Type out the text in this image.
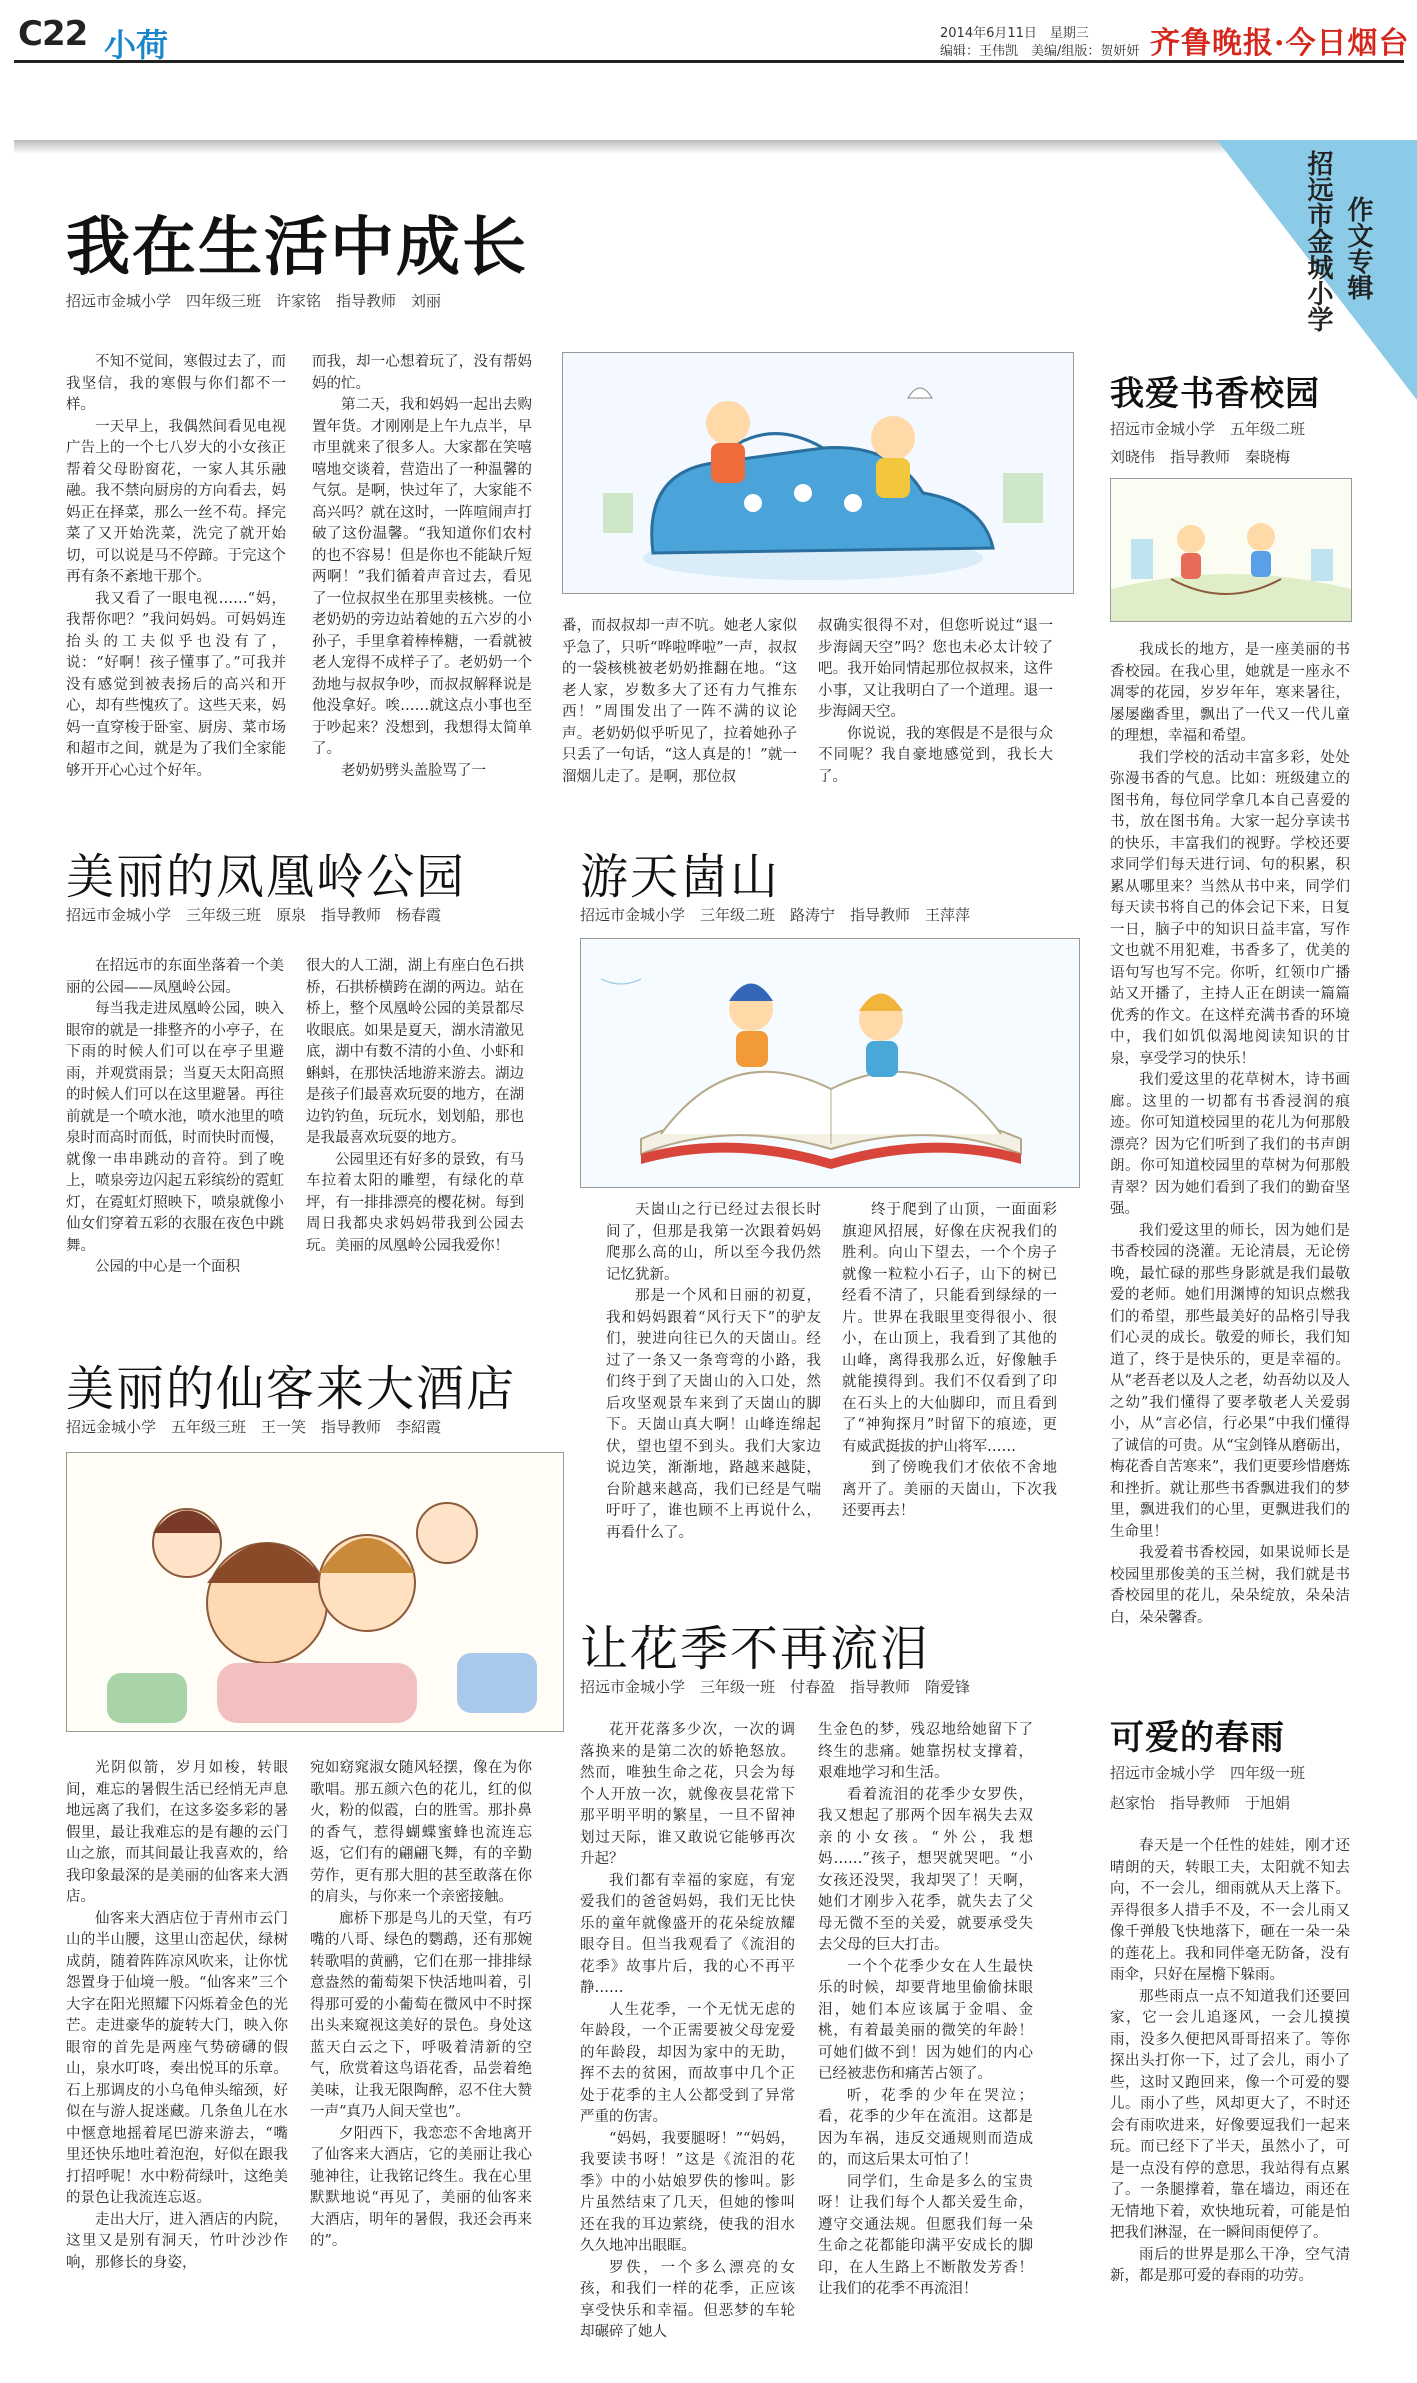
C22 小荷	2014年6月11日　星期三
编辑：王伟凯　美编/组版：贺妍妍 齐鲁晚报·今日烟台
招远市金城小学 作文专辑
我在生活中成长
招远市金城小学　四年级三班　许家铭　指导教师　刘丽

不知不觉间，寒假过去了，而我坚信，我的寒假与你们都不一样。

一天早上，我偶然间看见电视广告上的一个七八岁大的小女孩正帮着父母盼窗花，一家人其乐融融。我不禁向厨房的方向看去，妈妈正在择菜，那么一丝不苟。择完菜了又开始洗菜，洗完了就开始切，可以说是马不停蹄。于完这个再有条不紊地干那个。

我又看了一眼电视……“妈，我帮你吧？”我问妈妈。可妈妈连抬头的工夫似乎也没有了，说：“好啊！孩子懂事了。”可我并没有感觉到被表扬后的高兴和开心，却有些愧疚了。这些天来，妈妈一直穿梭于卧室、厨房、菜市场和超市之间，就是为了我们全家能够开开心心过个好年。

而我，却一心想着玩了，没有帮妈妈的忙。

第二天，我和妈妈一起出去购置年货。才刚刚是上午九点半，早市里就来了很多人。大家都在笑嘻嘻地交谈着，营造出了一种温馨的气氛。是啊，快过年了，大家能不高兴吗？就在这时，一阵喧闹声打破了这份温馨。“我知道你们农村的也不容易！但是你也不能缺斤短两啊！”我们循着声音过去，看见了一位叔叔坐在那里卖核桃。一位老奶奶的旁边站着她的五六岁的小孙子，手里拿着棒棒糖，一看就被老人宠得不成样子了。老奶奶一个劲地与叔叔争吵，而叔叔解释说是他没拿好。唉……就这点小事也至于吵起来？没想到，我想得太简单了。

老奶奶劈头盖脸骂了一

番，而叔叔却一声不吭。她老人家似乎急了，只听“哗啦哗啦”一声，叔叔的一袋核桃被老奶奶推翻在地。“这老人家，岁数多大了还有力气推东西！”周围发出了一阵不满的议论声。老奶奶似乎听见了，拉着她孙子只丢了一句话，“这人真是的！”就一溜烟儿走了。是啊，那位叔

叔确实很得不对，但您听说过“退一步海阔天空”吗？您也未必太计较了吧。我开始同情起那位叔叔来，这件小事，又让我明白了一个道理。退一步海阔天空。

你说说，我的寒假是不是很与众不同呢？我自豪地感觉到，我长大了。

美丽的凤凰岭公园
招远市金城小学　三年级三班　原泉　指导教师　杨春霞

在招远市的东面坐落着一个美丽的公园——凤凰岭公园。

每当我走进凤凰岭公园，映入眼帘的就是一排整齐的小亭子，在下雨的时候人们可以在亭子里避雨，并观赏雨景；当夏天太阳高照的时候人们可以在这里避暑。再往前就是一个喷水池，喷水池里的喷泉时而高时而低，时而快时而慢，就像一串串跳动的音符。到了晚上，喷泉旁边闪起五彩缤纷的霓虹灯，在霓虹灯照映下，喷泉就像小仙女们穿着五彩的衣服在夜色中跳舞。

公园的中心是一个面积

很大的人工湖，湖上有座白色石拱桥，石拱桥横跨在湖的两边。站在桥上，整个凤凰岭公园的美景都尽收眼底。如果是夏天，湖水清澈见底，湖中有数不清的小鱼、小虾和蝌蚪，在那快活地游来游去。湖边是孩子们最喜欢玩耍的地方，在湖边钓钓鱼，玩玩水，划划船，那也是我最喜欢玩耍的地方。

公园里还有好多的景致，有马车拉着太阳的雕塑，有绿化的草坪，有一排排漂亮的樱花树。每到周日我都央求妈妈带我到公园去玩。美丽的凤凰岭公园我爱你！

游天崮山
招远市金城小学　三年级二班　路涛宁　指导教师　王萍萍

天崮山之行已经过去很长时间了，但那是我第一次跟着妈妈爬那么高的山，所以至今我仍然记忆犹新。

那是一个风和日丽的初夏，我和妈妈跟着“风行天下”的驴友们，驶进向往已久的天崮山。经过了一条又一条弯弯的小路，我们终于到了天崮山的入口处，然后攻坚观景车来到了天崮山的脚下。天崮山真大啊！山峰连绵起伏，望也望不到头。我们大家边说边笑，渐渐地，路越来越陡，台阶越来越高，我们已经是气喘吁吁了，谁也顾不上再说什么，再看什么了。

终于爬到了山顶，一面面彩旗迎风招展，好像在庆祝我们的胜利。向山下望去，一个个房子就像一粒粒小石子，山下的树已经看不清了，只能看到绿绿的一片。世界在我眼里变得很小、很小，在山顶上，我看到了其他的山峰，离得我那么近，好像触手就能摸得到。我们不仅看到了印在石头上的大仙脚印，而且看到了“神狗探月”时留下的痕迹，更有威武挺拔的护山将军……

到了傍晚我们才依依不舍地离开了。美丽的天崮山，下次我还要再去！

美丽的仙客来大酒店
招远金城小学　五年级三班　王一笑　指导教师　李紹霞

光阴似箭，岁月如梭，转眼间，难忘的暑假生活已经悄无声息地远离了我们，在这多姿多彩的暑假里，最让我难忘的是有趣的云门山之旅，而其间最让我喜欢的，给我印象最深的是美丽的仙客来大酒店。

仙客来大酒店位于青州市云门山的半山腰，这里山峦起伏，绿树成荫，随着阵阵凉风吹来，让你忧怨置身于仙境一般。“仙客来”三个大字在阳光照耀下闪烁着金色的光芒。走进豪华的旋转大门，映入你眼帘的首先是两座气势磅礴的假山，泉水叮咚，奏出悦耳的乐章。石上那调皮的小乌龟伸头缩颈，好似在与游人捉迷藏。几条鱼儿在水中惬意地摇着尾巴游来游去，“嘴里还快乐地吐着泡泡，好似在跟我打招呼呢！水中粉荷绿叶，这绝美的景色让我流连忘返。

走出大厅，进入酒店的内院，这里又是别有洞天，竹叶沙沙作响，那修长的身姿，

宛如窈窕淑女随风轻摆，像在为你歌唱。那五颜六色的花儿，红的似火，粉的似霞，白的胜雪。那扑鼻的香气，惹得蝴蝶蜜蜂也流连忘返，它们有的翩翩飞舞，有的辛勤劳作，更有那大胆的甚至敢落在你的肩头，与你来一个亲密接触。

廊桥下那是鸟儿的天堂，有巧嘴的八哥、绿色的鹦鹉，还有那婉转歌唱的黄鹂，它们在那一排排绿意盎然的葡萄架下快活地叫着，引得那可爱的小葡萄在微风中不时探出头来窥视这美好的景色。身处这蓝天白云之下，呼吸着清新的空气，欣赏着这鸟语花香，品尝着绝美味，让我无限陶醉，忍不住大赞一声“真乃人间天堂也”。

夕阳西下，我恋恋不舍地离开了仙客来大酒店，它的美丽让我心驰神往，让我铭记终生。我在心里默默地说“再见了，美丽的仙客来大酒店，明年的暑假，我还会再来的”。

让花季不再流泪
招远市金城小学　三年级一班　付春盈　指导教师　隋爱锋

花开花落多少次，一次的调落换来的是第二次的娇艳怒放。然而，唯独生命之花，只会为每个人开放一次，就像夜昙花常下那平明平明的繁星，一旦不留神划过天际，谁又敢说它能够再次升起？

我们都有幸福的家庭，有宠爱我们的爸爸妈妈，我们无比快乐的童年就像盛开的花朵绽放耀眼夺目。但当我观看了《流泪的花季》故事片后，我的心不再平静……

人生花季，一个无忧无虑的年龄段，一个正需要被父母宠爱的年龄段，却因为家中的无助，挥不去的贫困，而故事中几个正处于花季的主人公都受到了异常严重的伤害。

“妈妈，我要腿呀！”“妈妈，我要读书呀！”这是《流泪的花季》中的小姑娘罗佚的惨叫。影片虽然结束了几天，但她的惨叫还在我的耳边萦绕，使我的泪水久久地冲出眼眶。

罗佚，一个多么漂亮的女孩，和我们一样的花季，正应该享受快乐和幸福。但恶梦的车轮却碾碎了她人

生金色的梦，残忍地给她留下了终生的悲痛。她靠拐杖支撑着，艰难地学习和生活。

看着流泪的花季少女罗佚，我又想起了那两个因车祸失去双亲的小女孩。“外公，我想妈……”孩子，想哭就哭吧。“小女孩还没哭，我却哭了！天啊，她们才刚步入花季，就失去了父母无微不至的关爱，就要承受失去父母的巨大打击。

一个个花季少女在人生最快乐的时候，却要背地里偷偷抹眼泪，她们本应该属于金唱、金桃，有着最美丽的微笑的年龄！可她们做不到！因为她们的内心已经被悲伤和痛苦占领了。

听，花季的少年在哭泣；看，花季的少年在流泪。这都是因为车祸，违反交通规则而造成的，而这后果太可怕了！

同学们，生命是多么的宝贵呀！让我们每个人都关爱生命，遵守交通法规。但愿我们每一朵生命之花都能印满平安成长的脚印，在人生路上不断散发芳香！让我们的花季不再流泪！

我爱书香校园
招远市金城小学　五年级二班
刘晓伟　指导教师　秦晓梅

我成长的地方，是一座美丽的书香校园。在我心里，她就是一座永不凋零的花园，岁岁年年，寒来暑往，屡屡幽香里，飘出了一代又一代儿童的理想，幸福和希望。

我们学校的活动丰富多彩，处处弥漫书香的气息。比如：班级建立的图书角，每位同学拿几本自己喜爱的书，放在图书角。大家一起分享读书的快乐，丰富我们的视野。学校还要求同学们每天进行词、句的积累，积累从哪里来？当然从书中来，同学们每天读书将自己的体会记下来，日复一日，脑子中的知识日益丰富，写作文也就不用犯难，书香多了，优美的语句写也写不完。你听，红领巾广播站又开播了，主持人正在朗读一篇篇优秀的作文。在这样充满书香的环境中，我们如饥似渴地阅读知识的甘泉，享受学习的快乐！

我们爱这里的花草树木，诗书画廊。这里的一切都有书香浸润的痕迹。你可知道校园里的花儿为何那般漂亮？因为它们听到了我们的书声朗朗。你可知道校园里的草树为何那般青翠？因为她们看到了我们的勤奋坚强。

我们爱这里的师长，因为她们是书香校园的浇灌。无论清晨，无论傍晚，最忙碌的那些身影就是我们最敬爱的老师。她们用渊博的知识点燃我们的希望，那些最美好的品格引导我们心灵的成长。敬爱的师长，我们知道了，终于是快乐的，更是幸福的。从“老吾老以及人之老，幼吾幼以及人之幼”我们懂得了要孝敬老人关爱弱小，从“言必信，行必果”中我们懂得了诚信的可贵。从“宝剑锋从磨砺出，梅花香自苦寒来”，我们更要珍惜磨炼和挫折。就让那些书香飘进我们的梦里，飘进我们的心里，更飘进我们的生命里！

我爱着书香校园，如果说师长是校园里那俊美的玉兰树，我们就是书香校园里的花儿，朵朵绽放，朵朵洁白，朵朵馨香。

可爱的春雨
招远市金城小学　四年级一班
赵家怡　指导教师　于旭娟

春天是一个任性的娃娃，刚才还晴朗的天，转眼工夫，太阳就不知去向，不一会儿，细雨就从天上落下。弄得很多人措手不及，不一会儿雨又像千弹般飞快地落下，砸在一朵一朵的莲花上。我和同伴毫无防备，没有雨伞，只好在屋檐下躲雨。

那些雨点一点不知道我们还要回家，它一会儿追逐风，一会儿摸摸雨，没多久便把风哥哥招来了。等你探出头打你一下，过了会儿，雨小了些，这时又跑回来，像一个可爱的婴儿。雨小了些，风却更大了，不时还会有雨吹进来，好像要逗我们一起来玩。而已经下了半天，虽然小了，可是一点没有停的意思，我站得有点累了。一条腿撑着，靠在墙边，雨还在无情地下着，欢快地玩着，可能是怕把我们淋湿，在一瞬间雨便停了。

雨后的世界是那么干净，空气清新，都是那可爱的春雨的功劳。
